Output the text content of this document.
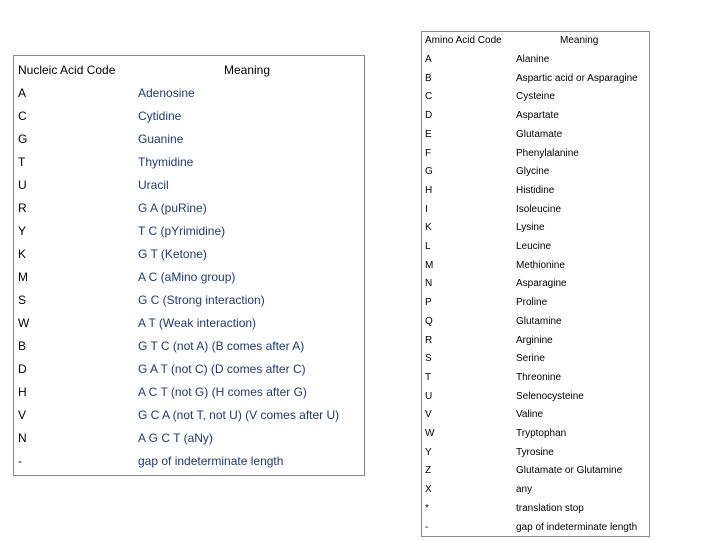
Nucleic Acid Code	Meaning
A	Adenosine
C	Cytidine
G	Guanine
T	Thymidine
U	Uracil
R	G A (puRine)
Y	T C (pYrimidine)
K	G T (Ketone)
M	A C (aMino group)
S	G C (Strong interaction)
W	A T (Weak interaction)
B	G T C (not A) (B comes after A)
D	G A T (not C) (D comes after C)
H	A C T (not G) (H comes after G)
V	G C A (not T, not U) (V comes after U)
N	A G C T (aNy)
-	gap of indeterminate length
Amino Acid Code	Meaning
A	Alanine
B	Aspartic acid or Asparagine
C	Cysteine
D	Aspartate
E	Glutamate
F	Phenylalanine
G	Glycine
H	Histidine
I	Isoleucine
K	Lysine
L	Leucine
M	Methionine
N	Asparagine
P	Proline
Q	Glutamine
R	Arginine
S	Serine
T	Threonine
U	Selenocysteine
V	Valine
W	Tryptophan
Y	Tyrosine
Z	Glutamate or Glutamine
X	any
*	translation stop
-	gap of indeterminate length
